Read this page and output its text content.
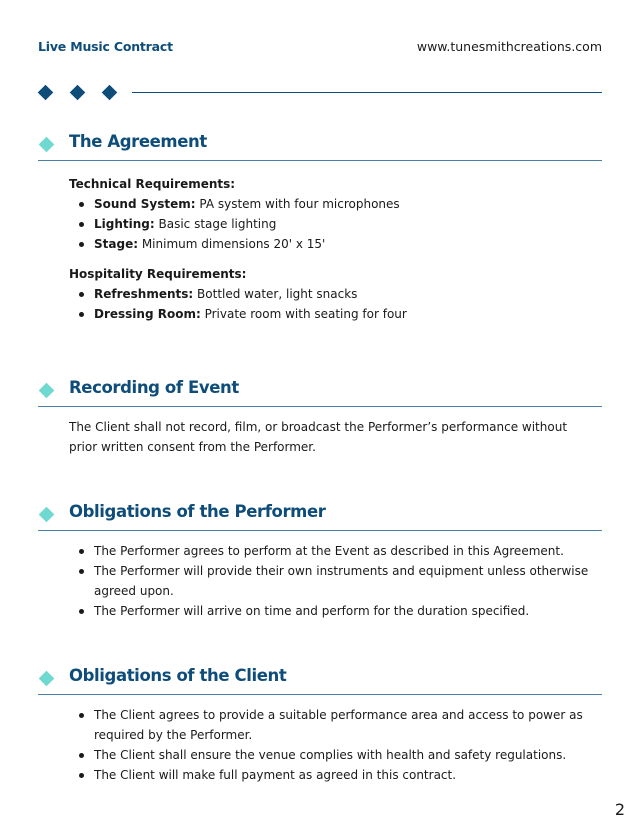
Live Music Contract	www.tunesmithcreations.com
The Agreement
Technical Requirements:
Sound System: PA system with four microphones
Lighting: Basic stage lighting
Stage: Minimum dimensions 20' x 15'
Hospitality Requirements:
Refreshments: Bottled water, light snacks
Dressing Room: Private room with seating for four
Recording of Event

The Client shall not record, film, or broadcast the Performer’s performance without prior written consent from the Performer.

Obligations of the Performer
The Performer agrees to perform at the Event as described in this Agreement.
The Performer will provide their own instruments and equipment unless otherwise agreed upon.
The Performer will arrive on time and perform for the duration specified.
Obligations of the Client
The Client agrees to provide a suitable performance area and access to power as required by the Performer.
The Client shall ensure the venue complies with health and safety regulations.
The Client will make full payment as agreed in this contract.
2
